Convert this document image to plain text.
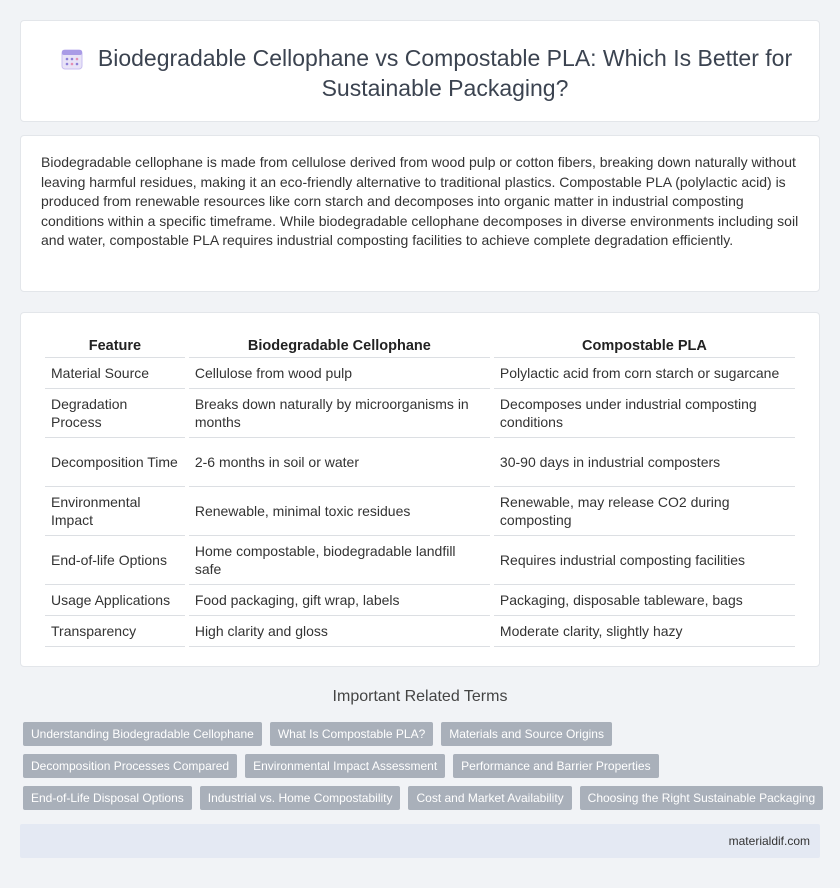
Biodegradable Cellophane vs Compostable PLA: Which Is Better for Sustainable Packaging?

Biodegradable cellophane is made from cellulose derived from wood pulp or cotton fibers, breaking down naturally without leaving harmful residues, making it an eco-friendly alternative to traditional plastics. Compostable PLA (polylactic acid) is produced from renewable resources like corn starch and decomposes into organic matter in industrial composting conditions within a specific timeframe. While biodegradable cellophane decomposes in diverse environments including soil and water, compostable PLA requires industrial composting facilities to achieve complete degradation efficiently.

Feature	Biodegradable Cellophane	Compostable PLA
Material Source	Cellulose from wood pulp	Polylactic acid from corn starch or sugarcane
Degradation Process	Breaks down naturally by microorganisms in months	Decomposes under industrial composting conditions
Decomposition Time	2-6 months in soil or water	30-90 days in industrial composters
Environmental Impact	Renewable, minimal toxic residues	Renewable, may release CO2 during composting
End-of-life Options	Home compostable, biodegradable landfill safe	Requires industrial composting facilities
Usage Applications	Food packaging, gift wrap, labels	Packaging, disposable tableware, bags
Transparency	High clarity and gloss	Moderate clarity, slightly hazy
Important Related Terms
Understanding Biodegradable Cellophane	What Is Compostable PLA?	Materials and Source Origins
Decomposition Processes Compared	Environmental Impact Assessment	Performance and Barrier Properties
End-of-Life Disposal Options	Industrial vs. Home Compostability	Cost and Market Availability	Choosing the Right Sustainable Packaging
materialdif.com
